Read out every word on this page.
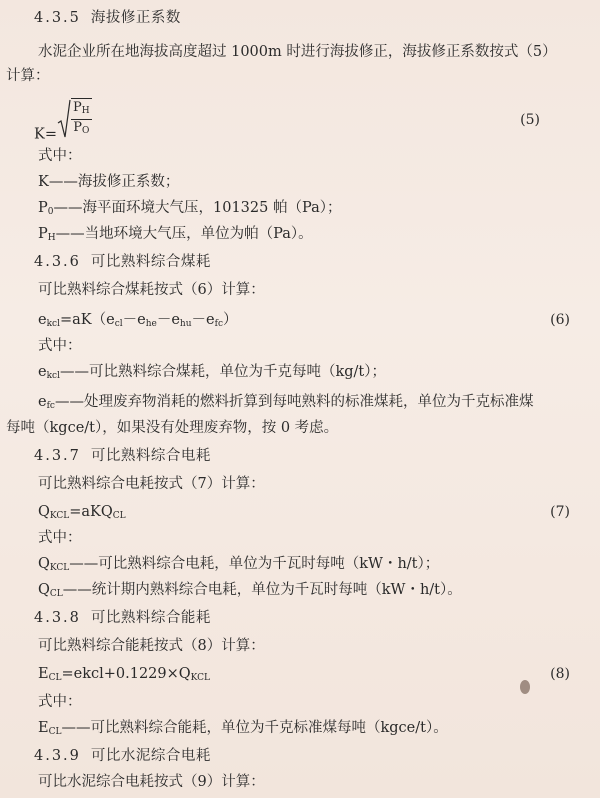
4.3.5 海拔修正系数
水泥企业所在地海拔高度超过 1000m 时进行海拔修正，海拔修正系数按式（5）
计算：
$K= \frac{P_H}{P_O}$	(5)
式中：
K——海拔修正系数；
$P_0——$海平面环境大气压，101325 帕（Pa）；
$P_H——$当地环境大气压，单位为帕（Pa）。
4.3.6 可比熟料综合煤耗
可比熟料综合煤耗按式（6）计算：
$e_{kcl}=aK(e_{cl}-e_{he}-e_{hu}-e_{fc})$	(6)
式中：
$e_{kcl}——$可比熟料综合煤耗，单位为千克每吨（kg/t）；
$e_{fc}——$处理废弃物消耗的燃料折算到每吨熟料的标准煤耗，单位为千克标准煤
每吨（kgce/t），如果没有处理废弃物，按 0 考虑。
4.3.7 可比熟料综合电耗
可比熟料综合电耗按式（7）计算：
$Q_{KCL}=aKQ_{CL}$	(7)
式中：
$Q_{KCL}——$可比熟料综合电耗，单位为千瓦时每吨（kW・h/t）；
$Q_{CL}——$统计期内熟料综合电耗，单位为千瓦时每吨（kW・h/t）。
4.3.8 可比熟料综合能耗
可比熟料综合能耗按式（8）计算：
$E_{CL}=ekcl+0.1229\times Q_{KCL}$	(8)
式中：
$E_{CL}——$可比熟料综合能耗，单位为千克标准煤每吨（kgce/t）。
4.3.9 可比水泥综合电耗
可比水泥综合电耗按式（9）计算：
